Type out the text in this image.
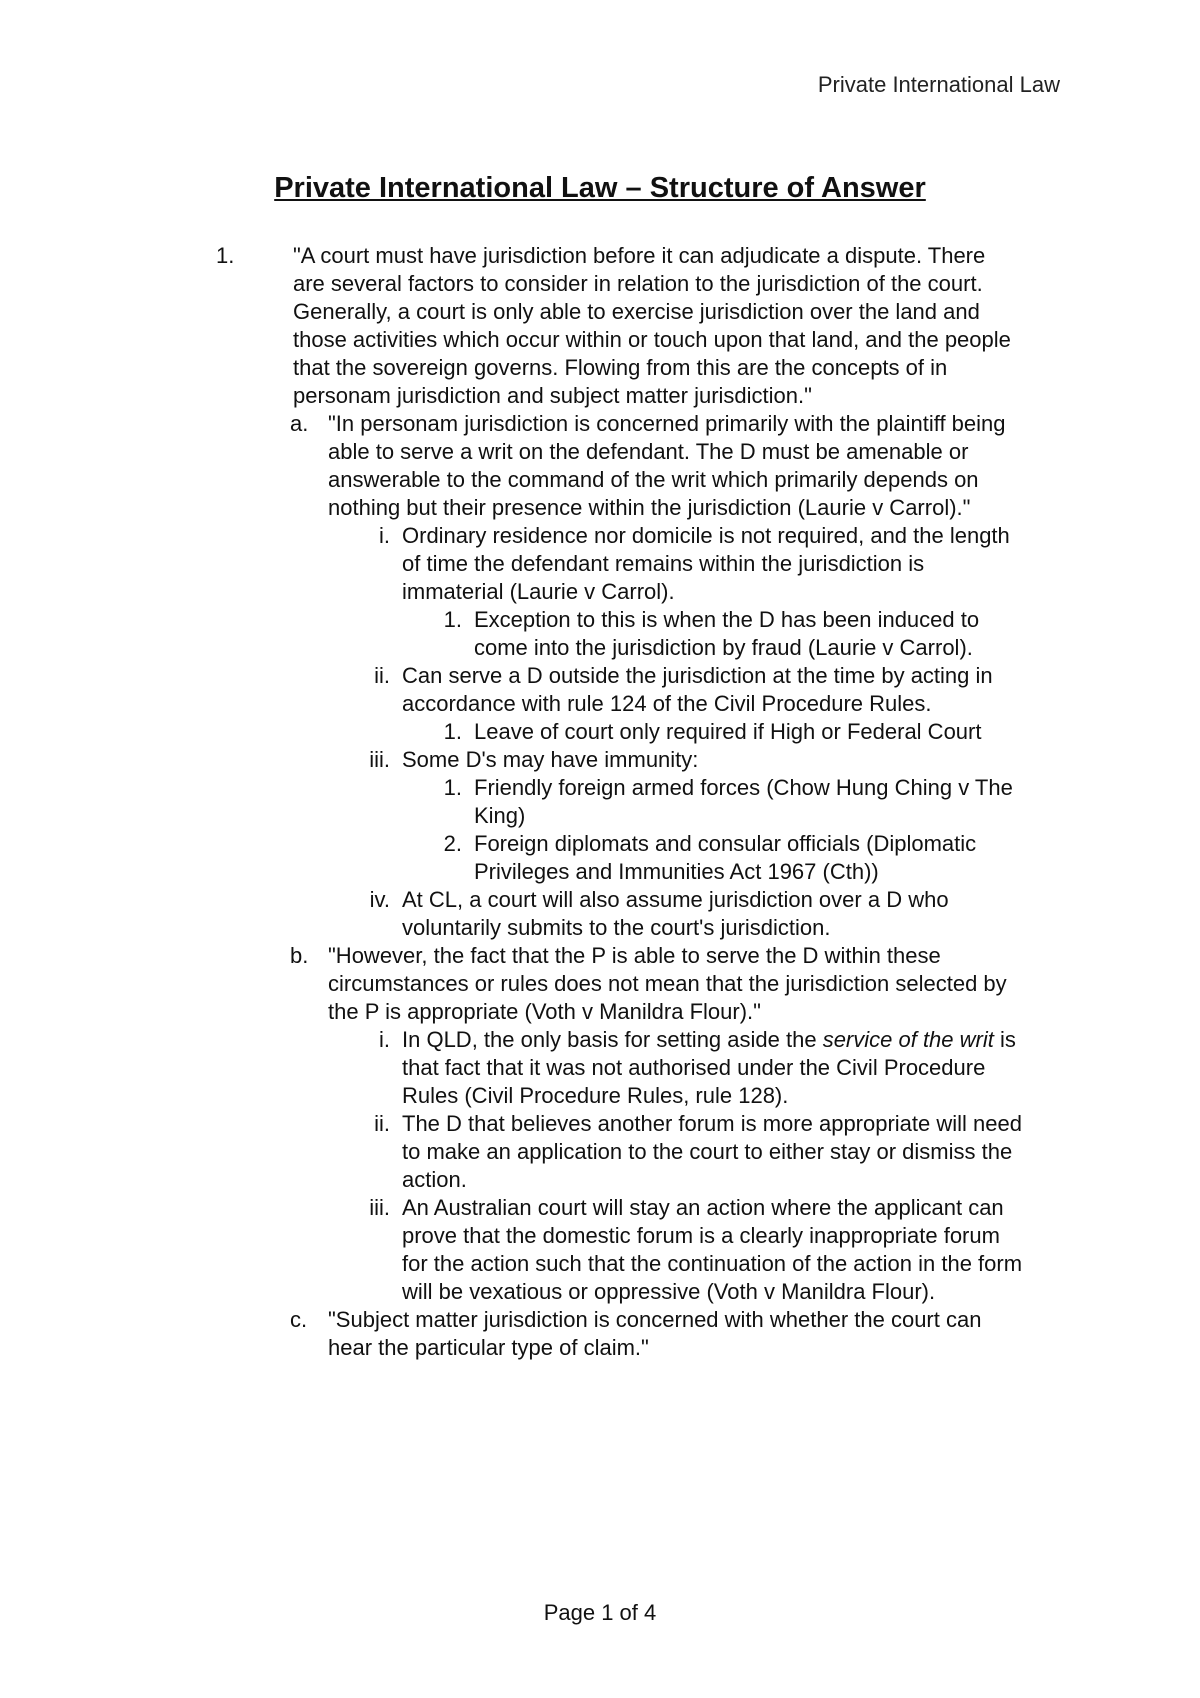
Private International Law
Private International Law – Structure of Answer
1.	"A court must have jurisdiction before it can adjudicate a dispute. There are several factors to consider in relation to the jurisdiction of the court. Generally, a court is only able to exercise jurisdiction over the land and those activities which occur within or touch upon that land, and the people that the sovereign governs. Flowing from this are the concepts of in personam jurisdiction and subject matter jurisdiction."
a. "In personam jurisdiction is concerned primarily with the plaintiff being able to serve a writ on the defendant. The D must be amenable or answerable to the command of the writ which primarily depends on nothing but their presence within the jurisdiction (Laurie v Carrol)."
i. Ordinary residence nor domicile is not required, and the length of time the defendant remains within the jurisdiction is immaterial (Laurie v Carrol).
1. Exception to this is when the D has been induced to come into the jurisdiction by fraud (Laurie v Carrol).
ii. Can serve a D outside the jurisdiction at the time by acting in accordance with rule 124 of the Civil Procedure Rules.
1. Leave of court only required if High or Federal Court
iii. Some D's may have immunity:
1. Friendly foreign armed forces (Chow Hung Ching v The King)
2. Foreign diplomats and consular officials (Diplomatic Privileges and Immunities Act 1967 (Cth))
iv. At CL, a court will also assume jurisdiction over a D who voluntarily submits to the court's jurisdiction.
b. "However, the fact that the P is able to serve the D within these circumstances or rules does not mean that the jurisdiction selected by the P is appropriate (Voth v Manildra Flour)."
i. In QLD, the only basis for setting aside the service of the writ is that fact that it was not authorised under the Civil Procedure Rules (Civil Procedure Rules, rule 128).
ii. The D that believes another forum is more appropriate will need to make an application to the court to either stay or dismiss the action.
iii. An Australian court will stay an action where the applicant can prove that the domestic forum is a clearly inappropriate forum for the action such that the continuation of the action in the form will be vexatious or oppressive (Voth v Manildra Flour).
c. "Subject matter jurisdiction is concerned with whether the court can hear the particular type of claim."
Page 1 of 4
